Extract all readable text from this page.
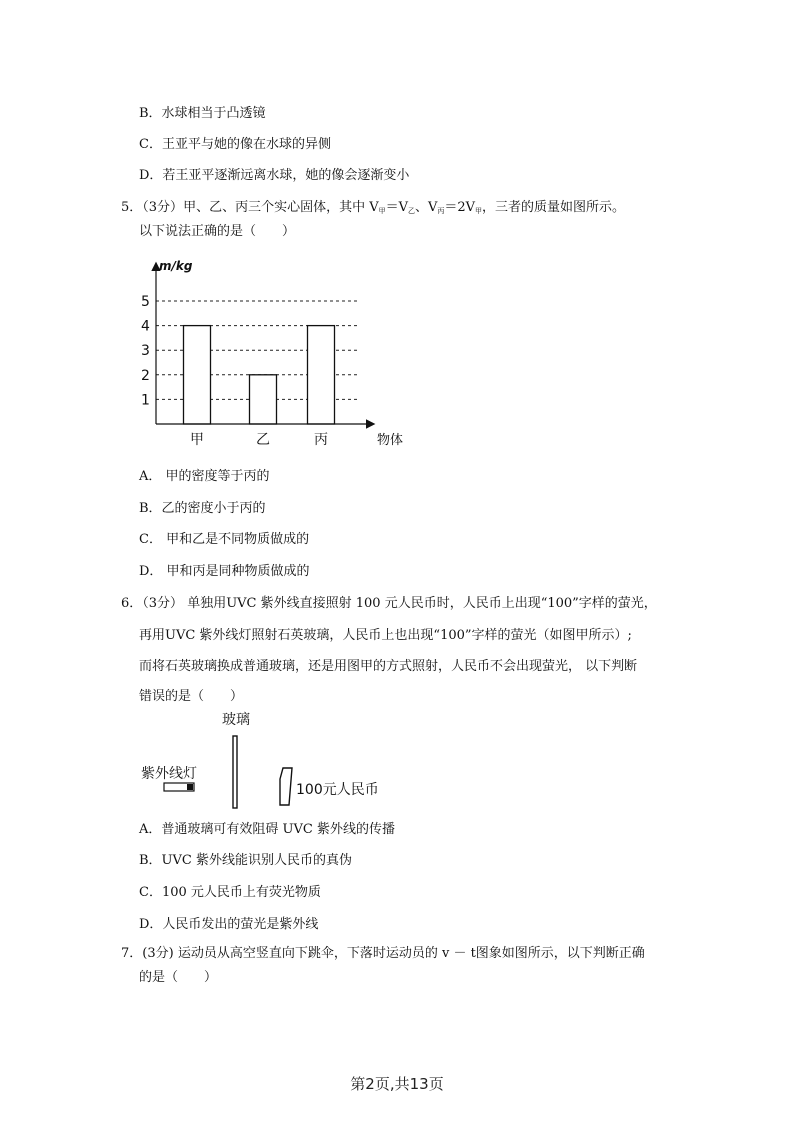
B．水球相当于凸透镜
C．王亚平与她的像在水球的异侧
D．若王亚平逐渐远离水球，她的像会逐渐变小
5．（3分）甲、乙、丙三个实心固体，其中 $V_甲=V_乙$、$V_丙=2V_甲$，三者的质量如图所示。
以下说法正确的是（　　）
1
2
3
4
5
甲	乙	丙
m/kg
物体
A． 甲的密度等于丙的
B．乙的密度小于丙的
C． 甲和乙是不同物质做成的
D． 甲和丙是同种物质做成的
6．（3分） 单独用UVC 紫外线直接照射 100 元人民币时，人民币上出现“100”字样的萤光，
再用UVC 紫外线灯照射石英玻璃，人民币上也出现“100”字样的萤光（如图甲所示）;
而将石英玻璃换成普通玻璃，还是用图甲的方式照射，人民币不会出现萤光， 以下判断
错误的是（　　）
玻璃
紫外线灯
100元人民币
A．普通玻璃可有效阻碍 UVC 紫外线的传播
B．UVC 紫外线能识别人民币的真伪
C．100 元人民币上有荧光物质
D．人民币发出的萤光是紫外线
7．(3分) 运动员从高空竖直向下跳伞，下落时运动员的 v － t图象如图所示，以下判断正确
的是（　　）
第2页,共13页
